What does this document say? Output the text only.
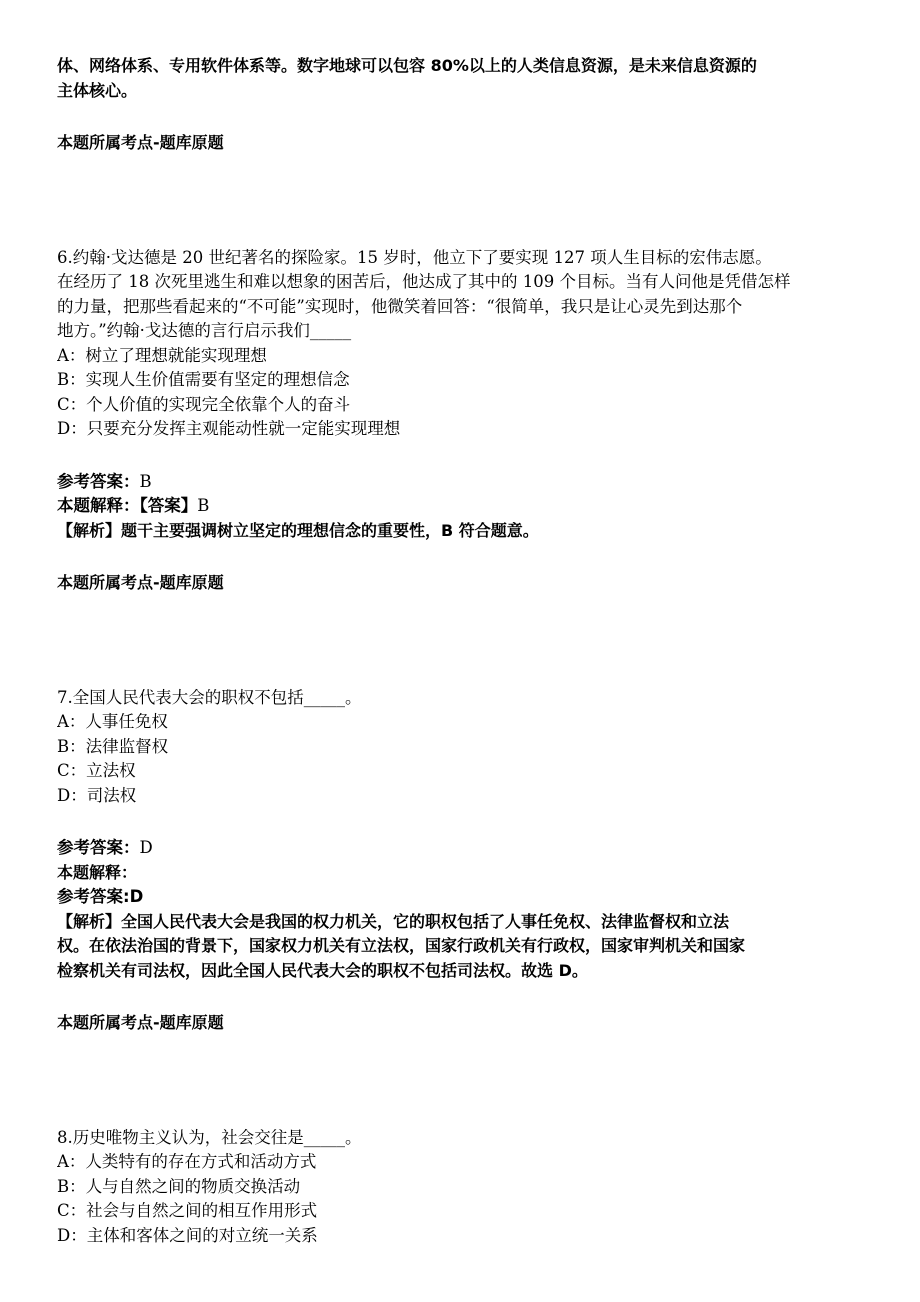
体、网络体系、专用软件体系等。数字地球可以包容 80%以上的人类信息资源，是未来信息资源的
主体核心。
本题所属考点-题库原题
6.约翰·戈达德是 20 世纪著名的探险家。15 岁时，他立下了要实现 127 项人生目标的宏伟志愿。
在经历了 18 次死里逃生和难以想象的困苦后，他达成了其中的 109 个目标。当有人问他是凭借怎样
的力量，把那些看起来的“不可能”实现时，他微笑着回答：“很简单，我只是让心灵先到达那个
地方。”约翰·戈达德的言行启示我们_____
A：树立了理想就能实现理想
B：实现人生价值需要有坚定的理想信念
C：个人价值的实现完全依靠个人的奋斗
D：只要充分发挥主观能动性就一定能实现理想
参考答案：B
本题解释：【答案】B
【解析】题干主要强调树立坚定的理想信念的重要性，B 符合题意。
本题所属考点-题库原题
7.全国人民代表大会的职权不包括_____。
A：人事任免权
B：法律监督权
C：立法权
D：司法权
参考答案：D
本题解释：
参考答案:D
【解析】全国人民代表大会是我国的权力机关，它的职权包括了人事任免权、法律监督权和立法
权。在依法治国的背景下，国家权力机关有立法权，国家行政机关有行政权，国家审判机关和国家
检察机关有司法权，因此全国人民代表大会的职权不包括司法权。故选 D。
本题所属考点-题库原题
8.历史唯物主义认为，社会交往是_____。
A：人类特有的存在方式和活动方式
B：人与自然之间的物质交换活动
C：社会与自然之间的相互作用形式
D：主体和客体之间的对立统一关系
